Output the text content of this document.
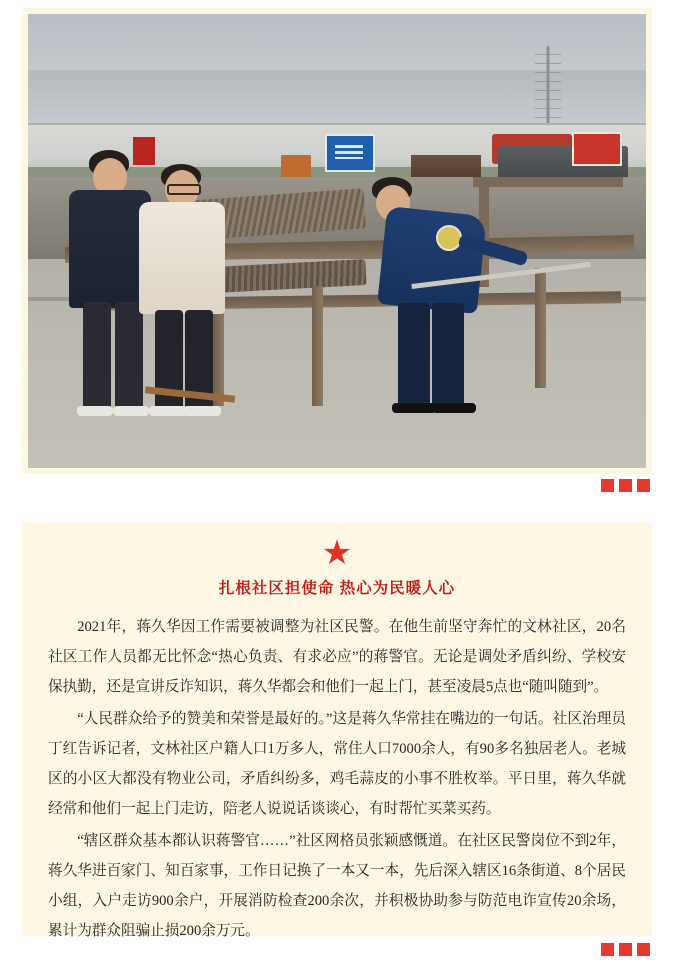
★
扎根社区担使命 热心为民暖人心

2021年，蒋久华因工作需要被调整为社区民警。在他生前坚守奔忙的文林社区，20名社区工作人员都无比怀念“热心负责、有求必应”的蒋警官。无论是调处矛盾纠纷、学校安保执勤，还是宣讲反诈知识，蒋久华都会和他们一起上门，甚至凌晨5点也“随叫随到”。

“人民群众给予的赞美和荣誉是最好的。”这是蒋久华常挂在嘴边的一句话。社区治理员丁红告诉记者，文林社区户籍人口1万多人，常住人口7000余人，有90多名独居老人。老城区的小区大都没有物业公司，矛盾纠纷多，鸡毛蒜皮的小事不胜枚举。平日里，蒋久华就经常和他们一起上门走访，陪老人说说话谈谈心，有时帮忙买菜买药。

“辖区群众基本都认识蒋警官……”社区网格员张颖感慨道。在社区民警岗位不到2年，蒋久华进百家门、知百家事，工作日记换了一本又一本，先后深入辖区16条街道、8个居民小组，入户走访900余户，开展消防检查200余次，并积极协助参与防范电诈宣传20余场，累计为群众阻骗止损200余万元。
